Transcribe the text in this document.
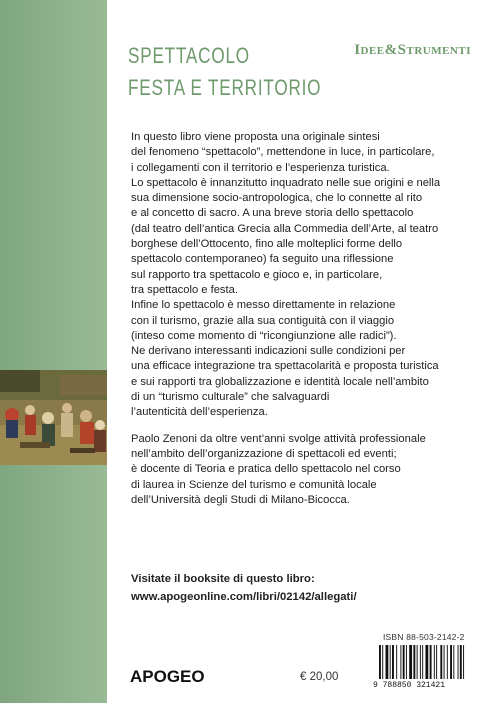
SPETTACOLO
FESTA E TERRITORIO
Idee&Strumenti
In questo libro viene proposta una originale sintesi
del fenomeno “spettacolo”, mettendone in luce, in particolare,
i collegamenti con il territorio e l’esperienza turistica.
Lo spettacolo è innanzitutto inquadrato nelle sue origini e nella
sua dimensione socio-antropologica, che lo connette al rito
e al concetto di sacro. A una breve storia dello spettacolo
(dal teatro dell’antica Grecia alla Commedia dell’Arte, al teatro
borghese dell’Ottocento, fino alle molteplici forme dello
spettacolo contemporaneo) fa seguito una riflessione
sul rapporto tra spettacolo e gioco e, in particolare,
tra spettacolo e festa.
Infine lo spettacolo è messo direttamente in relazione
con il turismo, grazie alla sua contiguità con il viaggio
(inteso come momento di “ricongiunzione alle radici”).
Ne derivano interessanti indicazioni sulle condizioni per
una efficace integrazione tra spettacolarità e proposta turistica
e sui rapporti tra globalizzazione e identità locale nell’ambito
di un “turismo culturale” che salvaguardi
l’autenticità dell’esperienza.
Paolo Zenoni da oltre vent’anni svolge attività professionale
nell’ambito dell’organizzazione di spettacoli ed eventi;
è docente di Teoria e pratica dello spettacolo nel corso
di laurea in Scienze del turismo e comunità locale
dell’Università degli Studi di Milano-Bicocca.
Visitate il booksite di questo libro:
www.apogeonline.com/libri/02142/allegati/
ISBN 88-503-2142-2
9 788850 321421
€ 20,00
APOGEO
